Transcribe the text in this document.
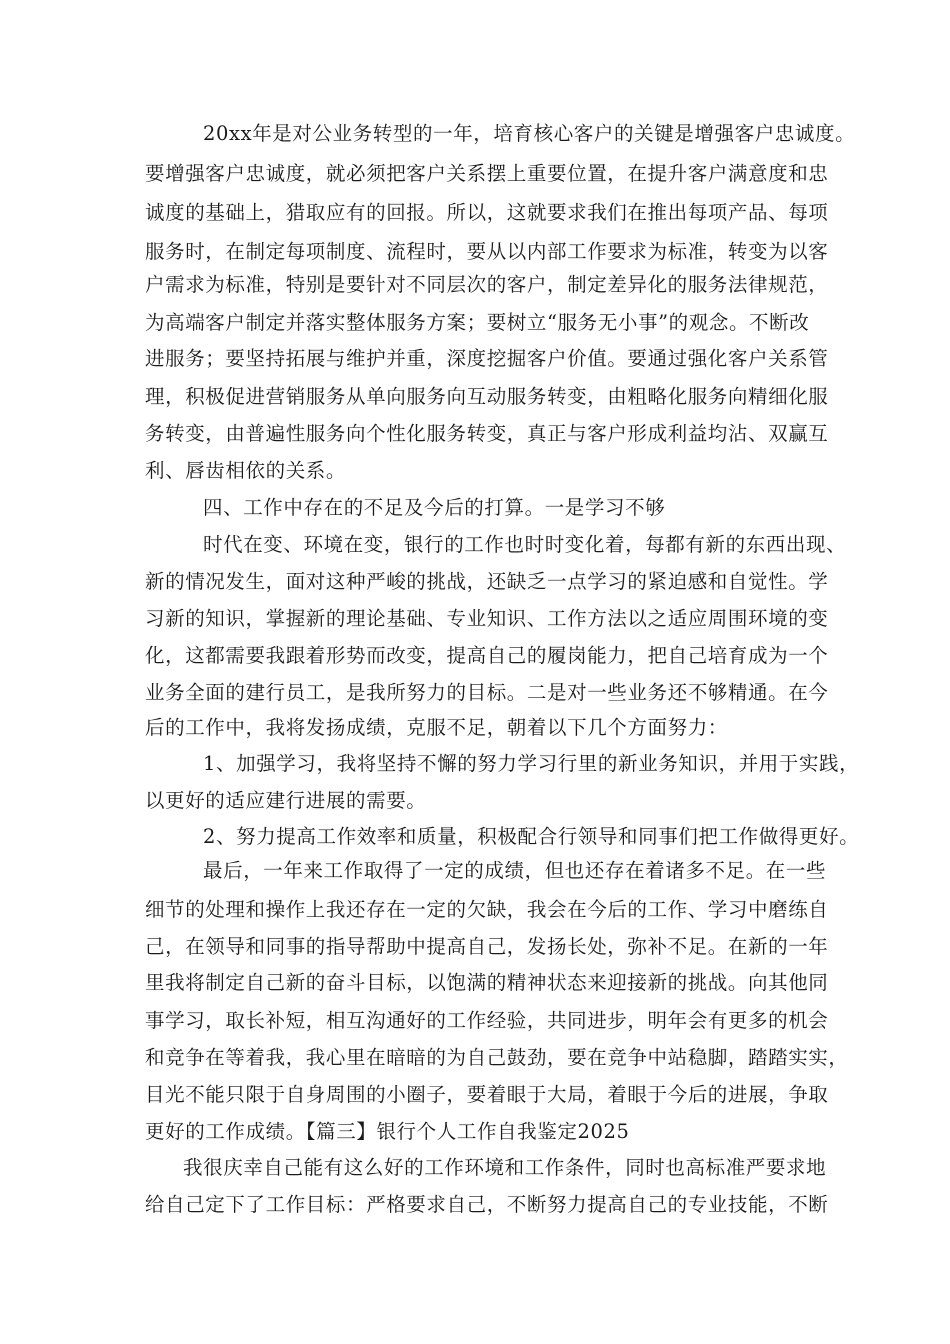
20xx年是对公业务转型的一年，培育核心客户的关键是增强客户忠诚度。
要增强客户忠诚度，就必须把客户关系摆上重要位置，在提升客户满意度和忠
诚度的基础上，猎取应有的回报。所以，这就要求我们在推出每项产品、每项
服务时，在制定每项制度、流程时，要从以内部工作要求为标准，转变为以客
户需求为标准，特别是要针对不同层次的客户，制定差异化的服务法律规范，
为高端客户制定并落实整体服务方案；要树立“服务无小事”的观念。不断改
进服务；要坚持拓展与维护并重，深度挖掘客户价值。要通过强化客户关系管
理，积极促进营销服务从单向服务向互动服务转变，由粗略化服务向精细化服
务转变，由普遍性服务向个性化服务转变，真正与客户形成利益均沾、双赢互
利、唇齿相依的关系。
四、工作中存在的不足及今后的打算。一是学习不够
时代在变、环境在变，银行的工作也时时变化着，每都有新的东西出现、
新的情况发生，面对这种严峻的挑战，还缺乏一点学习的紧迫感和自觉性。学
习新的知识，掌握新的理论基础、专业知识、工作方法以之适应周围环境的变
化，这都需要我跟着形势而改变，提高自己的履岗能力，把自己培育成为一个
业务全面的建行员工，是我所努力的目标。二是对一些业务还不够精通。在今
后的工作中，我将发扬成绩，克服不足，朝着以下几个方面努力：
1、加强学习，我将坚持不懈的努力学习行里的新业务知识，并用于实践，
以更好的适应建行进展的需要。
2、努力提高工作效率和质量，积极配合行领导和同事们把工作做得更好。
最后，一年来工作取得了一定的成绩，但也还存在着诸多不足。在一些
细节的处理和操作上我还存在一定的欠缺，我会在今后的工作、学习中磨练自
己，在领导和同事的指导帮助中提高自己，发扬长处，弥补不足。在新的一年
里我将制定自己新的奋斗目标，以饱满的精神状态来迎接新的挑战。向其他同
事学习，取长补短，相互沟通好的工作经验，共同进步，明年会有更多的机会
和竞争在等着我，我心里在暗暗的为自己鼓劲，要在竞争中站稳脚，踏踏实实，
目光不能只限于自身周围的小圈子，要着眼于大局，着眼于今后的进展，争取
更好的工作成绩。【篇三】银行个人工作自我鉴定2025
我很庆幸自己能有这么好的工作环境和工作条件，同时也高标准严要求地
给自己定下了工作目标：严格要求自己，不断努力提高自己的专业技能，不断
